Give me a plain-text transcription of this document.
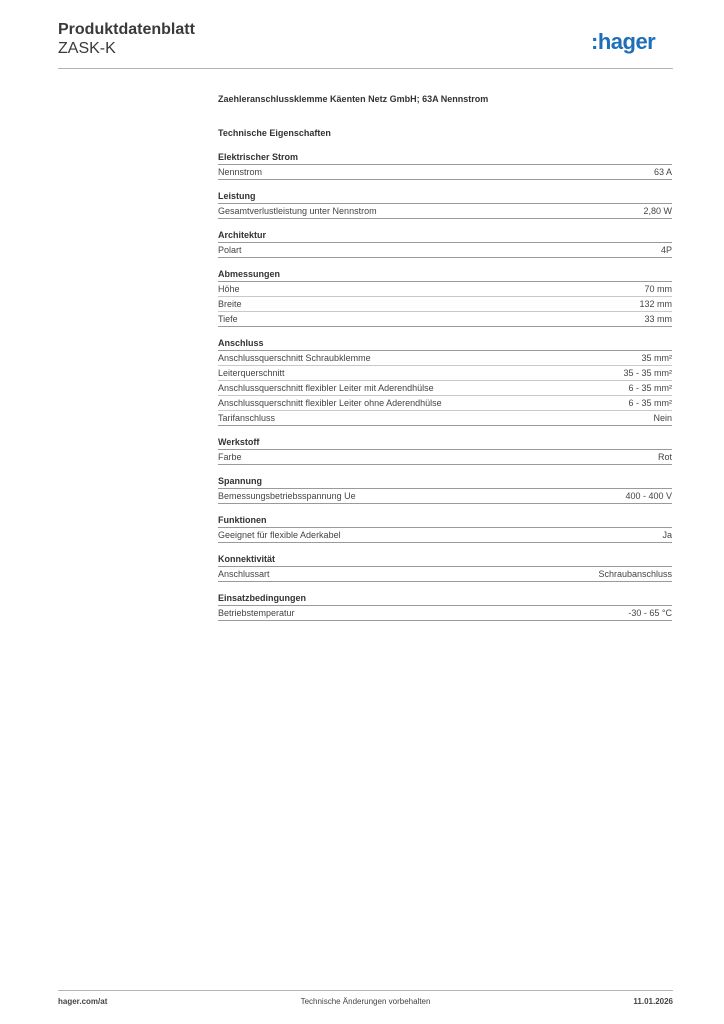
Produktdatenblatt
ZASK-K	:hager
Zaehleranschlussklemme Käenten Netz GmbH; 63A Nennstrom
Technische Eigenschaften
Elektrischer Strom
Nennstrom	63 A
Leistung
Gesamtverlustleistung unter Nennstrom	2,80 W
Architektur
Polart	4P
Abmessungen
Höhe	70 mm
Breite	132 mm
Tiefe	33 mm
Anschluss
Anschlussquerschnitt Schraubklemme	35 mm²
Leiterquerschnitt	35 - 35 mm²
Anschlussquerschnitt flexibler Leiter mit Aderendhülse	6 - 35 mm²
Anschlussquerschnitt flexibler Leiter ohne Aderendhülse	6 - 35 mm²
Tarifanschluss	Nein
Werkstoff
Farbe	Rot
Spannung
Bemessungsbetriebsspannung Ue	400 - 400 V
Funktionen
Geeignet für flexible Aderkabel	Ja
Konnektivität
Anschlussart	Schraubanschluss
Einsatzbedingungen
Betriebstemperatur	-30 - 65 °C
hager.com/at	Technische Änderungen vorbehalten	11.01.2026
